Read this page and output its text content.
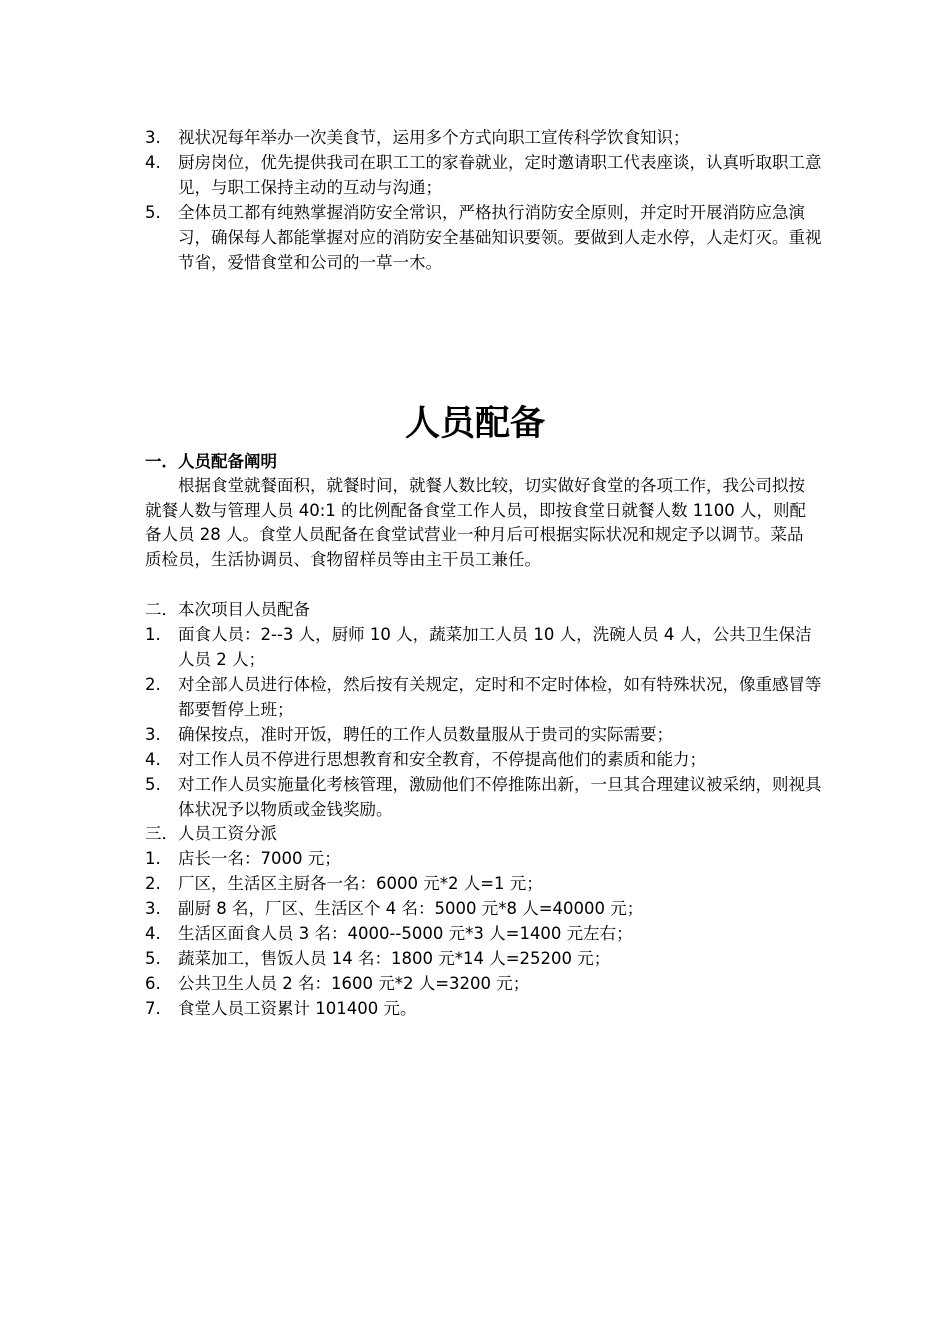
3.	视状况每年举办一次美食节，运用多个方式向职工宣传科学饮食知识；
4.	厨房岗位，优先提供我司在职工工的家眷就业，定时邀请职工代表座谈，认真听取职工意见，与职工保持主动的互动与沟通；
5.	全体员工都有纯熟掌握消防安全常识，严格执行消防安全原则，并定时开展消防应急演习，确保每人都能掌握对应的消防安全基础知识要领。要做到人走水停，人走灯灭。重视节省，爱惜食堂和公司的一草一木。
人员配备
一．人员配备阐明
根据食堂就餐面积，就餐时间，就餐人数比较，切实做好食堂的各项工作，我公司拟按就餐人数与管理人员 40:1 的比例配备食堂工作人员，即按食堂日就餐人数 1100 人，则配备人员 28 人。食堂人员配备在食堂试营业一种月后可根据实际状况和规定予以调节。菜品质检员，生活协调员、食物留样员等由主干员工兼任。
二．本次项目人员配备
1.	面食人员：2--3 人，厨师 10 人，蔬菜加工人员 10 人，洗碗人员 4 人，公共卫生保洁人员 2 人；
2.	对全部人员进行体检，然后按有关规定，定时和不定时体检，如有特殊状况，像重感冒等都要暂停上班；
3.	确保按点，准时开饭，聘任的工作人员数量服从于贵司的实际需要；
4.	对工作人员不停进行思想教育和安全教育，不停提高他们的素质和能力；
5.	对工作人员实施量化考核管理，激励他们不停推陈出新，一旦其合理建议被采纳，则视具体状况予以物质或金钱奖励。
三．人员工资分派
1.	店长一名：7000 元；
2.	厂区，生活区主厨各一名：6000 元*2 人=1 元；
3.	副厨 8 名，厂区、生活区个 4 名：5000 元*8 人=40000 元；
4.	生活区面食人员 3 名：4000--5000 元*3 人=1400 元左右；
5.	蔬菜加工，售饭人员 14 名：1800 元*14 人=25200 元；
6.	公共卫生人员 2 名：1600 元*2 人=3200 元；
7.	食堂人员工资累计 101400 元。
